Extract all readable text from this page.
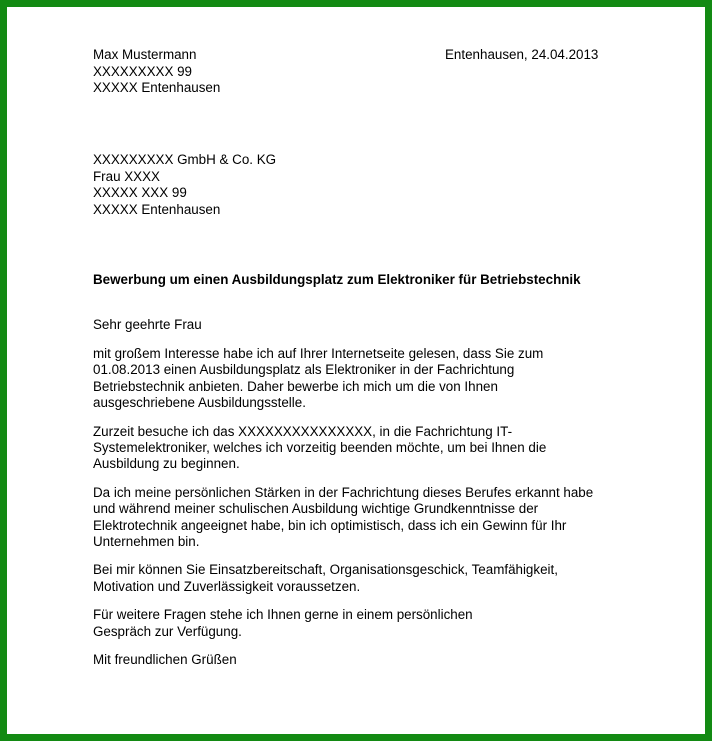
Max Mustermann
XXXXXXXXX 99
XXXXX Entenhausen
Entenhausen, 24.04.2013
XXXXXXXXX GmbH & Co. KG
Frau XXXX
XXXXX XXX 99
XXXXX Entenhausen
Bewerbung um einen Ausbildungsplatz zum Elektroniker für Betriebstechnik
Sehr geehrte Frau

mit großem Interesse habe ich auf Ihrer Internetseite gelesen, dass Sie zum
01.08.2013 einen Ausbildungsplatz als Elektroniker in der Fachrichtung
Betriebstechnik anbieten. Daher bewerbe ich mich um die von Ihnen
ausgeschriebene Ausbildungsstelle.

Zurzeit besuche ich das XXXXXXXXXXXXXXX, in die Fachrichtung IT-
Systemelektroniker, welches ich vorzeitig beenden möchte, um bei Ihnen die
Ausbildung zu beginnen.

Da ich meine persönlichen Stärken in der Fachrichtung dieses Berufes erkannt habe
und während meiner schulischen Ausbildung wichtige Grundkenntnisse der
Elektrotechnik angeeignet habe, bin ich optimistisch, dass ich ein Gewinn für Ihr
Unternehmen bin.

Bei mir können Sie Einsatzbereitschaft, Organisationsgeschick, Teamfähigkeit,
Motivation und Zuverlässigkeit voraussetzen.

Für weitere Fragen stehe ich Ihnen gerne in einem persönlichen
Gespräch zur Verfügung.

Mit freundlichen Grüßen
